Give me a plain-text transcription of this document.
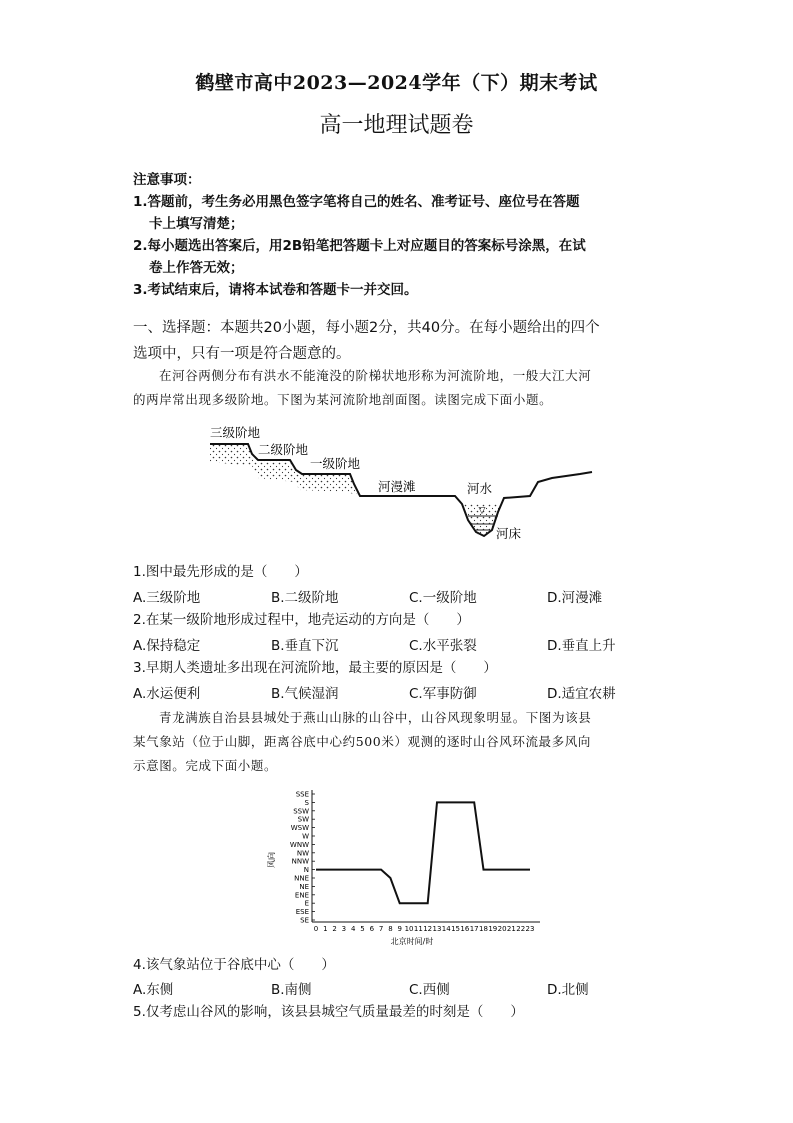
鹤壁市高中2023—2024学年（下）期末考试
高一地理试题卷
注意事项：
1.答题前，考生务必用黑色签字笔将自己的姓名、准考证号、座位号在答题
卡上填写清楚；
2.每小题选出答案后，用2B铅笔把答题卡上对应题目的答案标号涂黑，在试
卷上作答无效；
3.考试结束后，请将本试卷和答题卡一并交回。
一、选择题：本题共20小题，每小题2分，共40分。在每小题给出的四个
选项中，只有一项是符合题意的。
在河谷两侧分布有洪水不能淹没的阶梯状地形称为河流阶地，一般大江大河
的两岸常出现多级阶地。下图为某河流阶地剖面图。读图完成下面小题。
▽
三级阶地
二级阶地
一级阶地
河漫滩	河水
河床
1.图中最先形成的是（　　）
A.三级阶地	B.二级阶地	C.一级阶地	D.河漫滩
2.在某一级阶地形成过程中，地壳运动的方向是（　　）
A.保持稳定	B.垂直下沉	C.水平张裂	D.垂直上升
3.早期人类遗址多出现在河流阶地，最主要的原因是（　　）
A.水运便利	B.气候湿润	C.军事防御	D.适宜农耕
青龙满族自治县县城处于燕山山脉的山谷中，山谷风现象明显。下图为该县
某气象站（位于山脚，距离谷底中心约500米）观测的逐时山谷风环流最多风向
示意图。完成下面小题。
SE
ESE
E
ENE
NE
NNE
N
NNW
NW
WNW
W
WSW
SW
SSW
S
SSE
0 1 2 3 4 5 6 7 8 9 10 11 12 13 14 15 16 17 18 19 20 21 22 23
风向
北京时间/时
4.该气象站位于谷底中心（　　）
A.东侧	B.南侧	C.西侧	D.北侧
5.仅考虑山谷风的影响，该县县城空气质量最差的时刻是（　　）
